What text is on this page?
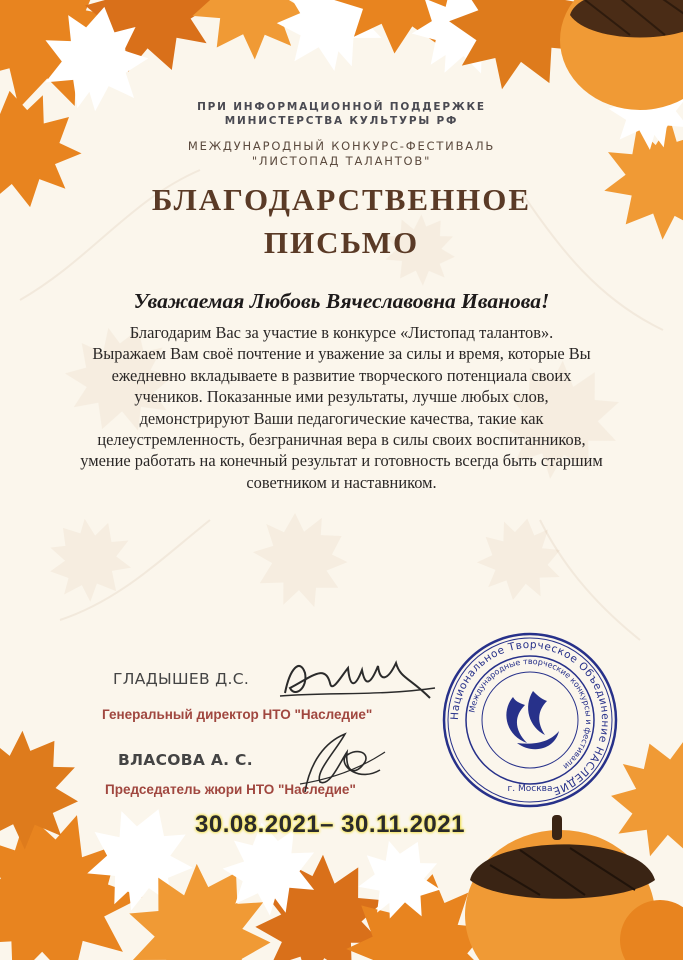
ПРИ ИНФОРМАЦИОННОЙ ПОДДЕРЖКЕ
МИНИСТЕРСТВА КУЛЬТУРЫ РФ
МЕЖДУНАРОДНЫЙ КОНКУРС-ФЕСТИВАЛЬ
"ЛИСТОПАД ТАЛАНТОВ"
БЛАГОДАРСТВЕННОЕ
ПИСЬМО
Уважаемая Любовь Вячеславовна Иванова!
Благодарим Вас за участие в конкурсе «Листопад талантов».
Выражаем Вам своё почтение и уважение за силы и время, которые Вы
ежедневно вкладываете в развитие творческого потенциала своих
учеников. Показанные ими результаты, лучше любых слов,
демонстрируют Ваши педагогические качества, такие как
целеустремленность, безграничная вера в силы своих воспитанников,
умение работать на конечный результат и готовность всегда быть старшим
советником и наставником.
ГЛАДЫШЕВ Д.С.
Генеральный директор НТО "Наследие"
ВЛАСОВА А. С.
Председатель жюри НТО "Наследие"
Национальное Творческое Объединение НАСЛЕДИЕ
Международные творческие конкурсы и фестивали
г. Москва
30.08.2021– 30.11.2021
